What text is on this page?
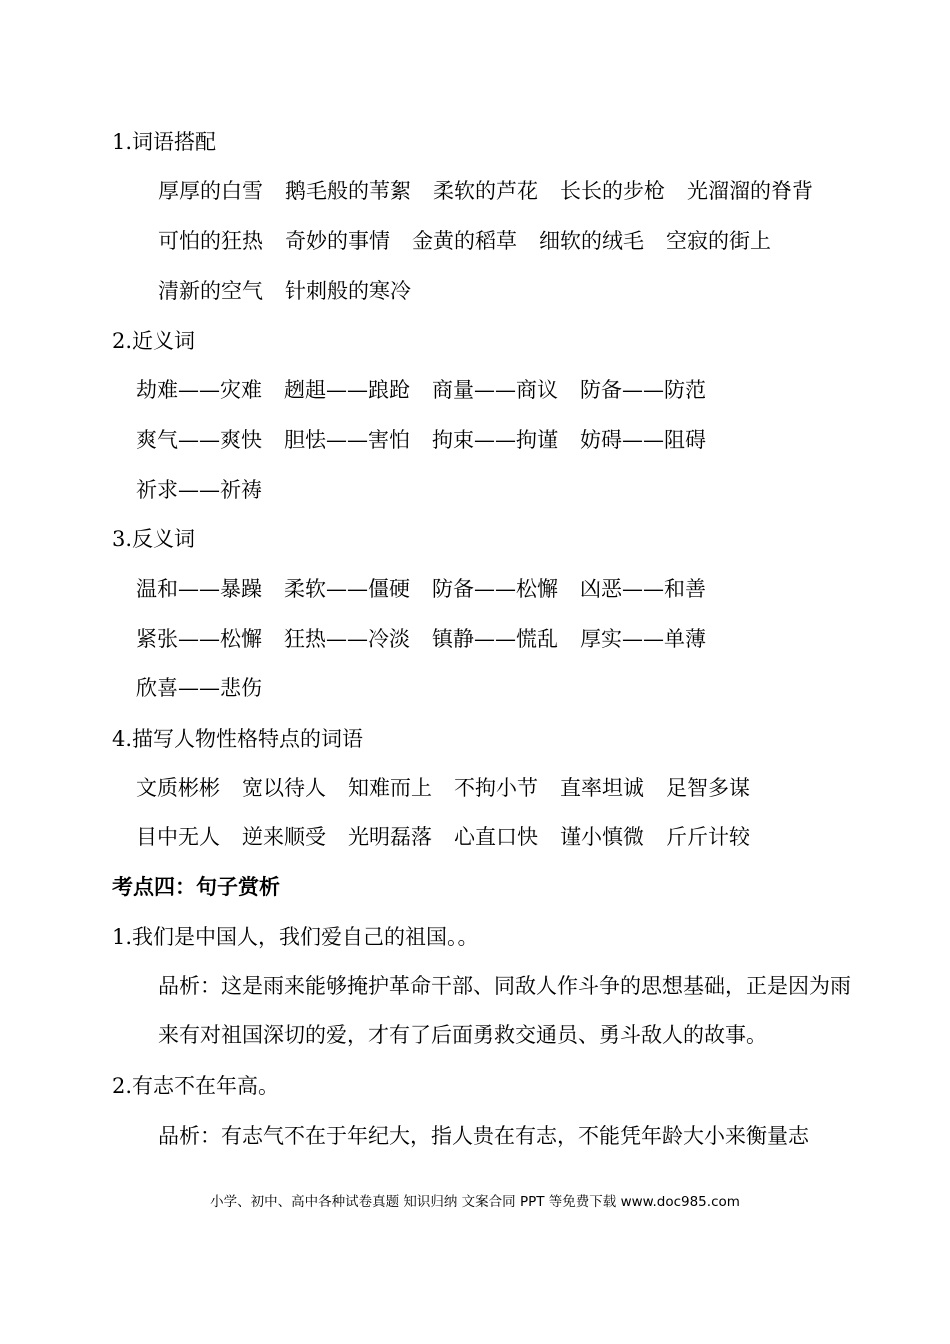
1.词语搭配
厚厚的白雪 鹅毛般的苇絮 柔软的芦花 长长的步枪 光溜溜的脊背
可怕的狂热 奇妙的事情 金黄的稻草 细软的绒毛 空寂的街上
清新的空气 针刺般的寒冷
2.近义词
劫难——灾难 趔趄——踉跄 商量——商议 防备——防范
爽气——爽快 胆怯——害怕 拘束——拘谨 妨碍——阻碍
祈求——祈祷
3.反义词
温和——暴躁 柔软——僵硬 防备——松懈 凶恶——和善
紧张——松懈 狂热——冷淡 镇静——慌乱 厚实——单薄
欣喜——悲伤
4.描写人物性格特点的词语
文质彬彬 宽以待人 知难而上 不拘小节 直率坦诚 足智多谋
目中无人 逆来顺受 光明磊落 心直口快 谨小慎微 斤斤计较
考点四：句子赏析
1.我们是中国人，我们爱自己的祖国。。
品析：这是雨来能够掩护革命干部、同敌人作斗争的思想基础，正是因为雨来有对祖国深切的爱，才有了后面勇救交通员、勇斗敌人的故事。
2.有志不在年高。
品析：有志气不在于年纪大，指人贵在有志，不能凭年龄大小来衡量志
小学、初中、高中各种试卷真题 知识归纳 文案合同 PPT 等免费下载 www.doc985.com
